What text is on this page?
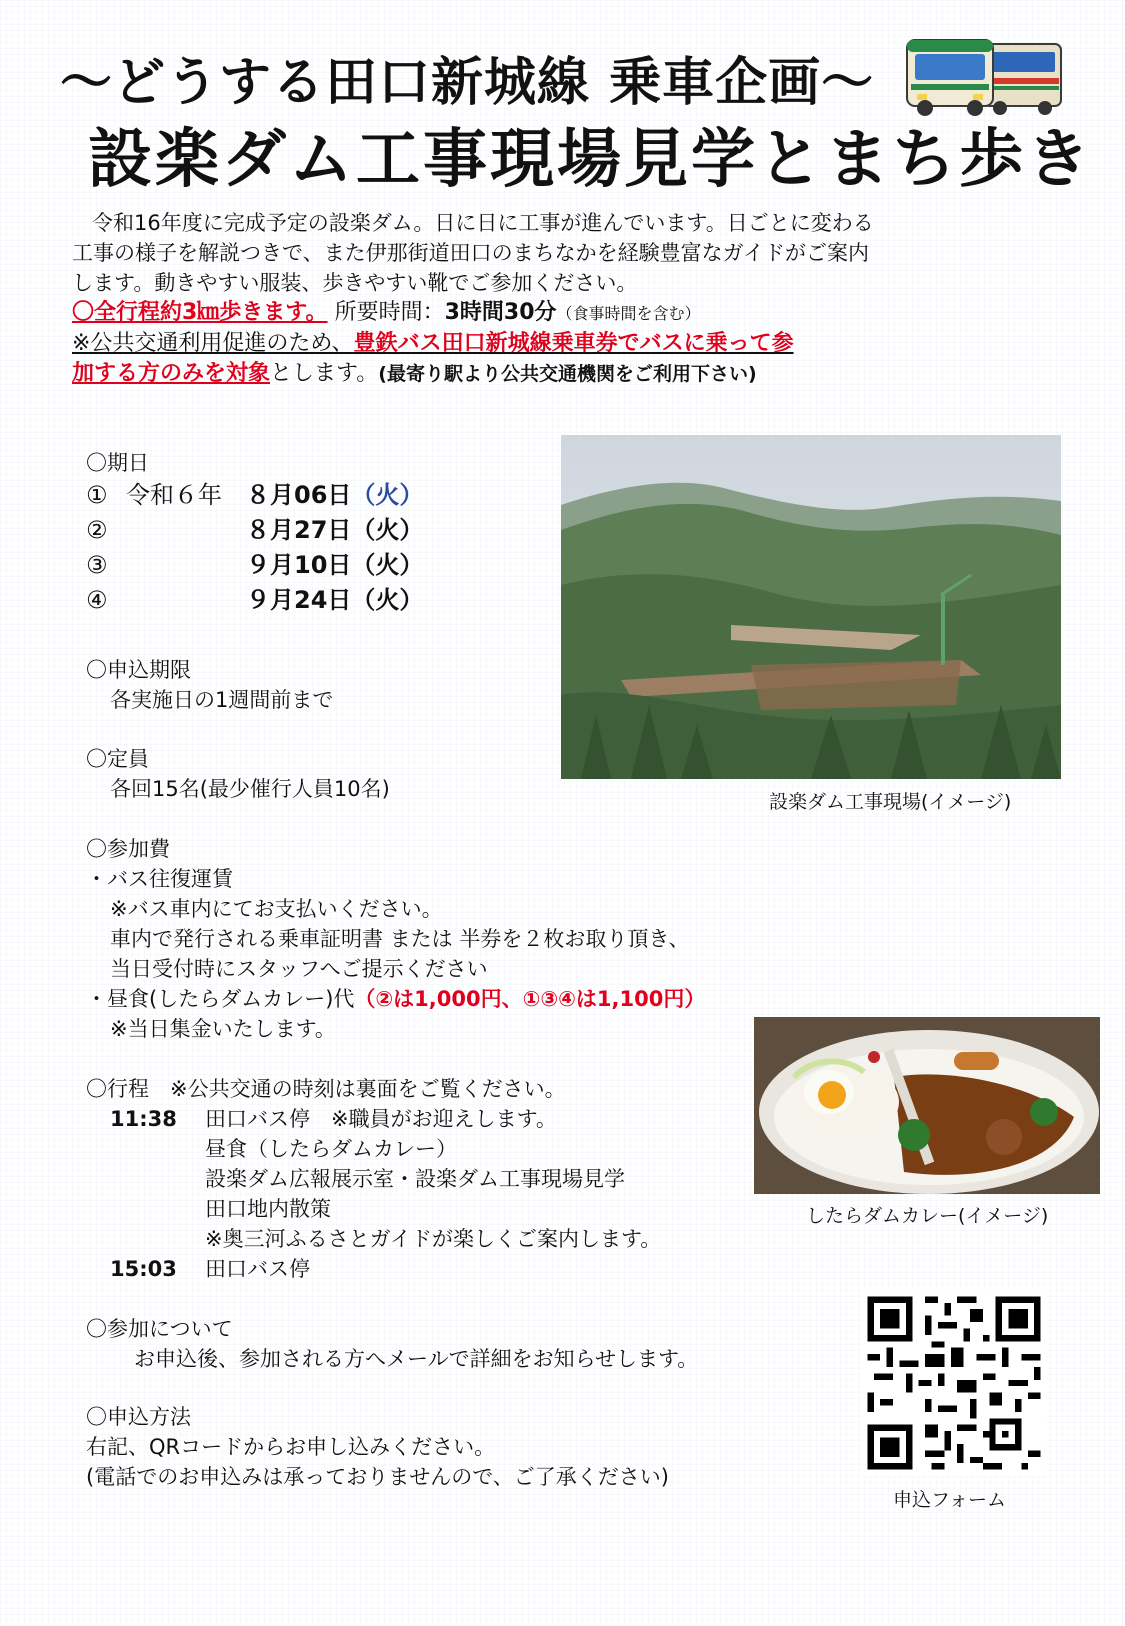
～どうする田口新城線 乗車企画～
設楽ダム工事現場見学とまち歩き

令和16年度に完成予定の設楽ダム。日に日に工事が進んでいます。日ごとに変わる

工事の様子を解説つきで、また伊那街道田口のまちなかを経験豊富なガイドがご案内

します。動きやすい服装、歩きやすい靴でご参加ください。

〇全行程約3㎞歩きます。 所要時間：3時間30分（食事時間を含む）

※公共交通利用促進のため、豊鉄バス田口新城線乗車券でバスに乗って参

加する方のみを対象とします。(最寄り駅より公共交通機関をご利用下さい)

〇期日
① 令和６年 ８月06日（火）
②	８月27日（火）
③	９月10日（火）
④	９月24日（火）
〇申込期限
各実施日の1週間前まで
〇定員
各回15名(最少催行人員10名)
設楽ダム工事現場(イメージ)
〇参加費
・バス往復運賃
※バス車内にてお支払いください。
車内で発行される乗車証明書 または 半券を２枚お取り頂き、
当日受付時にスタッフへご提示ください
・昼食(したらダムカレー)代（②は1,000円、①③④は1,100円）
※当日集金いたします。
したらダムカレー(イメージ)
〇行程　※公共交通の時刻は裏面をご覧ください。
11:38 田口バス停　※職員がお迎えします。
昼食（したらダムカレー）
設楽ダム広報展示室・設楽ダム工事現場見学
田口地内散策
※奥三河ふるさとガイドが楽しくご案内します。
15:03 田口バス停
〇参加について
お申込後、参加される方へメールで詳細をお知らせします。
〇申込方法
右記、QRコードからお申し込みください。
(電話でのお申込みは承っておりませんので、ご了承ください)
申込フォーム
